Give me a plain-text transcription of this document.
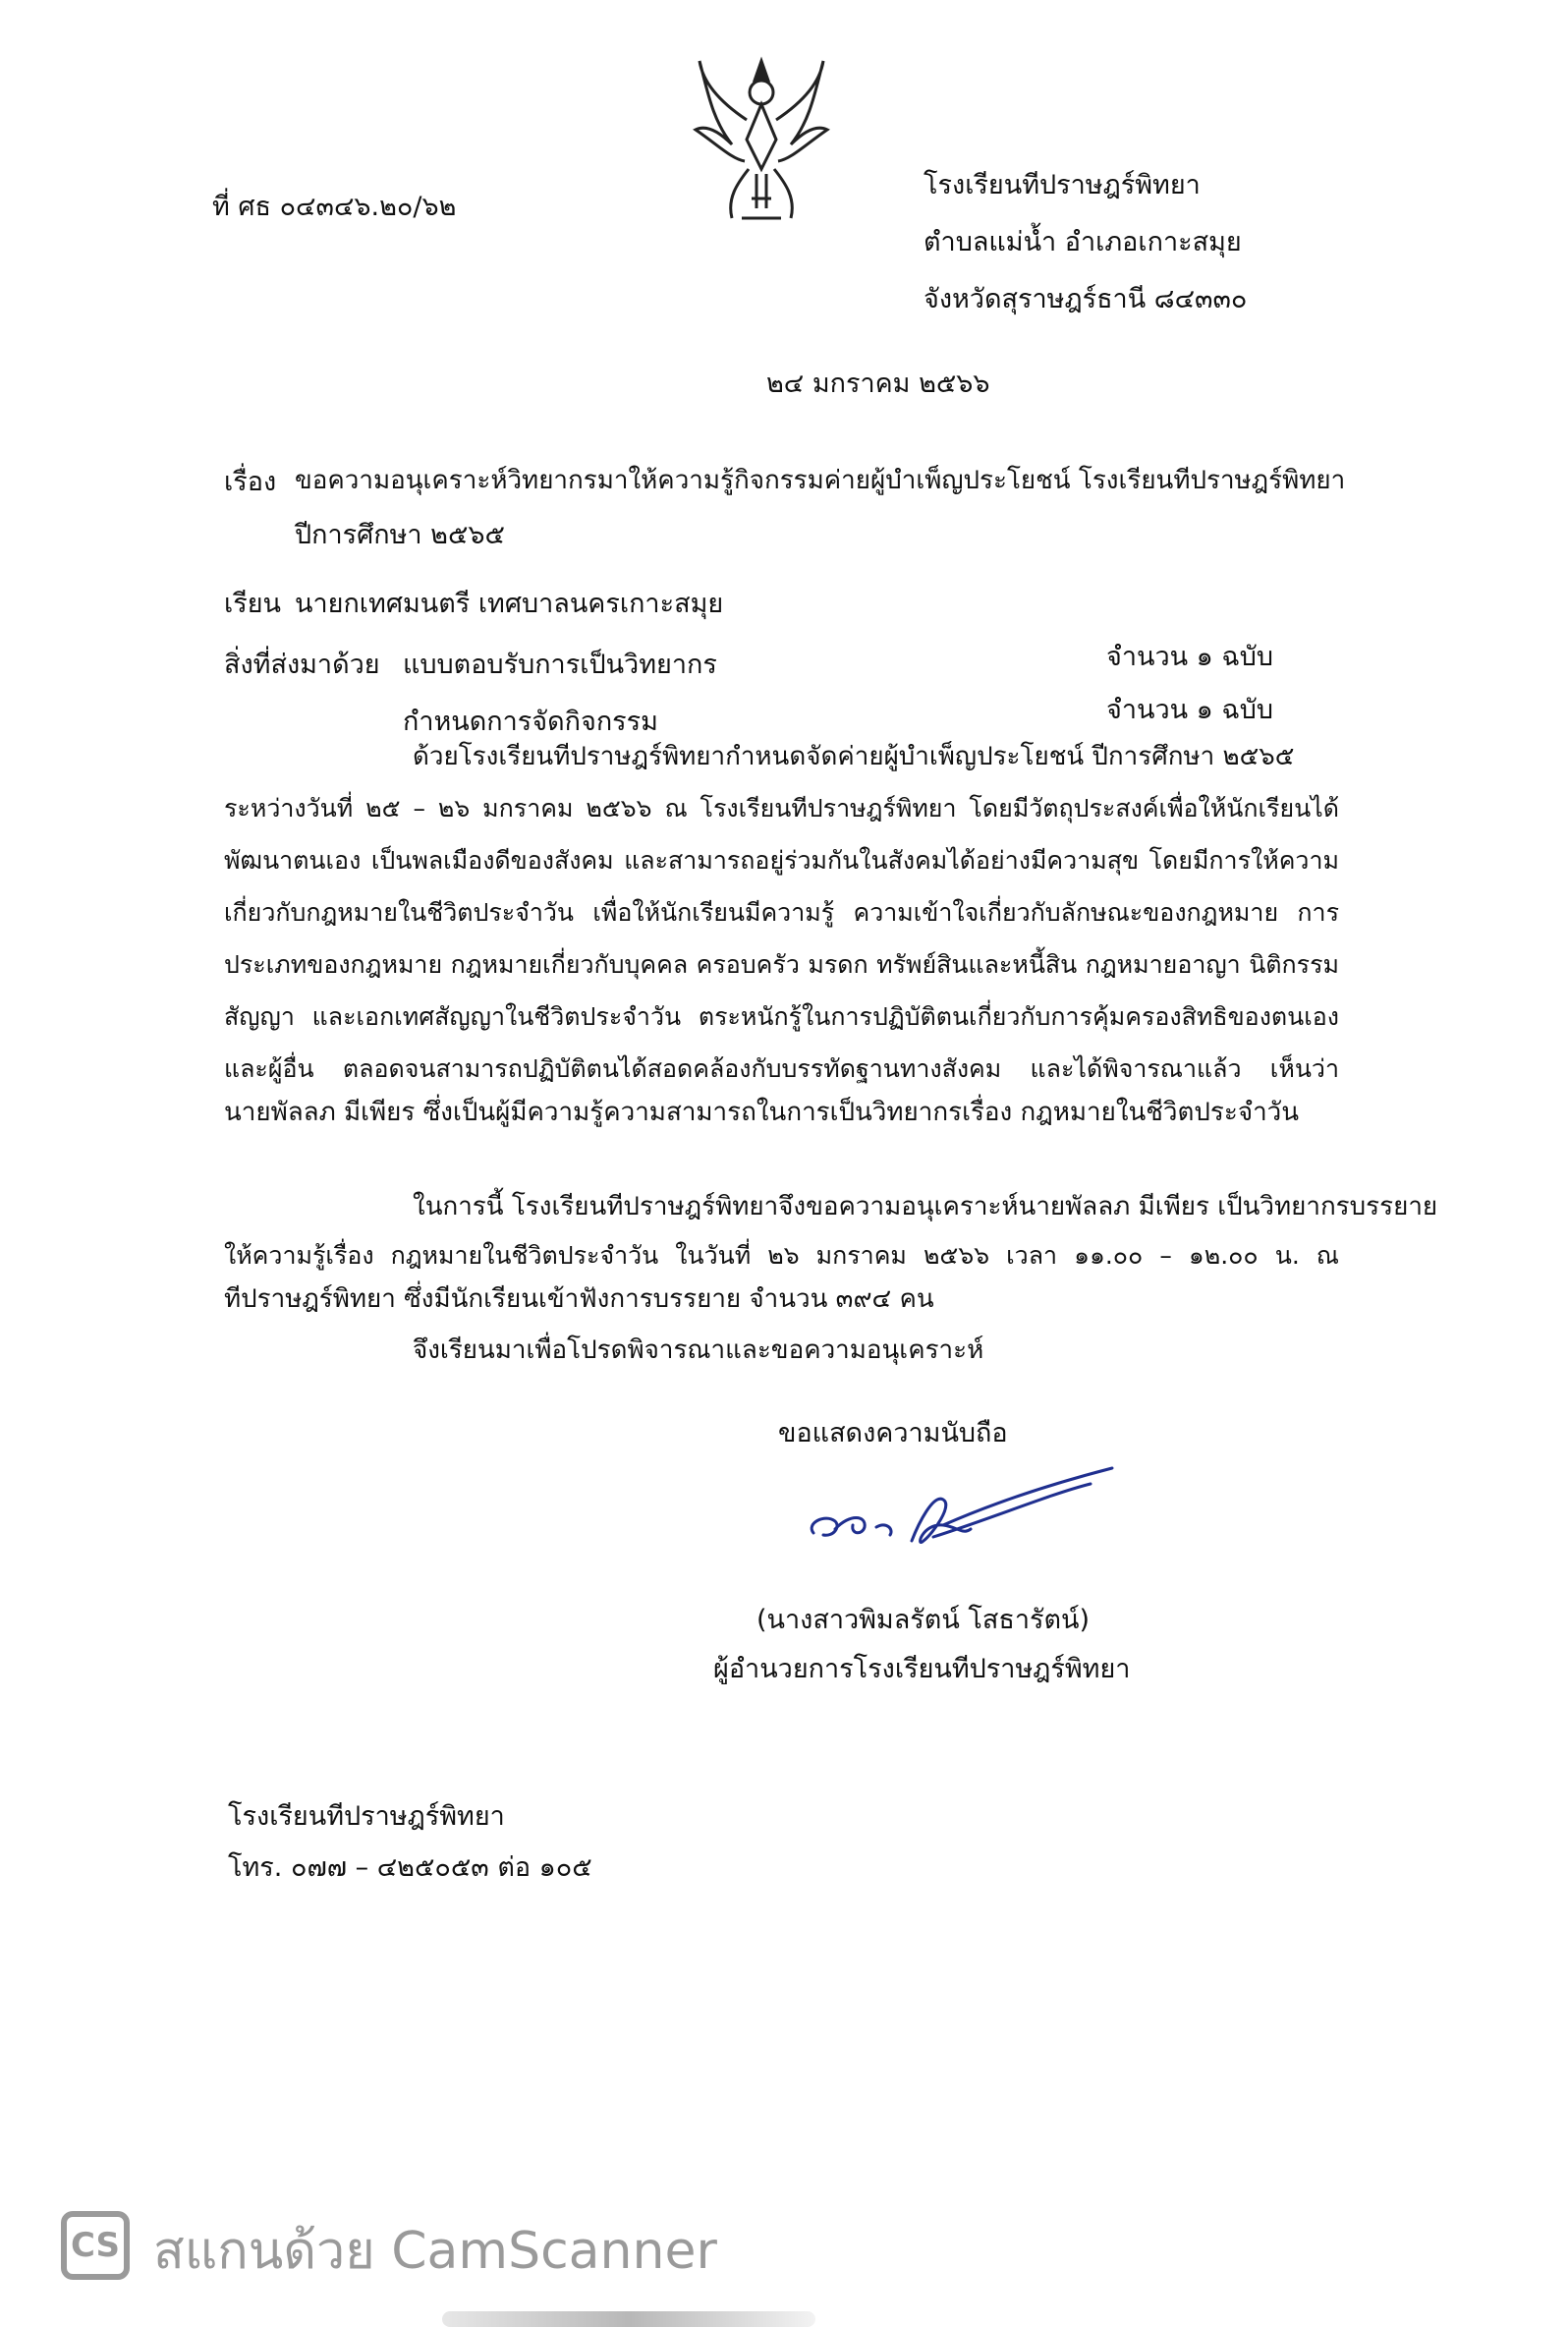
ที่ ศธ ๐๔๓๔๖.๒๐/๖๒
โรงเรียนทีปราษฎร์พิทยา
ตำบลแม่น้ำ อำเภอเกาะสมุย
จังหวัดสุราษฎร์ธานี ๘๔๓๓๐
๒๔ มกราคม ๒๕๖๖
เรื่อง ขอความอนุเคราะห์วิทยากรมาให้ความรู้กิจกรรมค่ายผู้บำเพ็ญประโยชน์ โรงเรียนทีปราษฎร์พิทยา
ปีการศึกษา ๒๕๖๕
เรียน นายกเทศมนตรี เทศบาลนครเกาะสมุย
สิ่งที่ส่งมาด้วย แบบตอบรับการเป็นวิทยากร	จำนวน ๑ ฉบับ
กำหนดการจัดกิจกรรม	จำนวน ๑ ฉบับ
ด้วยโรงเรียนทีปราษฎร์พิทยากำหนดจัดค่ายผู้บำเพ็ญประโยชน์ ปีการศึกษา ๒๕๖๕
ระหว่างวันที่ ๒๕ – ๒๖ มกราคม ๒๕๖๖ ณ โรงเรียนทีปราษฎร์พิทยา โดยมีวัตถุประสงค์เพื่อให้นักเรียนได้
พัฒนาตนเอง เป็นพลเมืองดีของสังคม และสามารถอยู่ร่วมกันในสังคมได้อย่างมีความสุข โดยมีการให้ความ
เกี่ยวกับกฎหมายในชีวิตประจำวัน เพื่อให้นักเรียนมีความรู้ ความเข้าใจเกี่ยวกับลักษณะของกฎหมาย การ
ประเภทของกฎหมาย กฎหมายเกี่ยวกับบุคคล ครอบครัว มรดก ทรัพย์สินและหนี้สิน กฎหมายอาญา นิติกรรม
สัญญา และเอกเทศสัญญาในชีวิตประจำวัน ตระหนักรู้ในการปฏิบัติตนเกี่ยวกับการคุ้มครองสิทธิของตนเอง
และผู้อื่น ตลอดจนสามารถปฏิบัติตนได้สอดคล้องกับบรรทัดฐานทางสังคม และได้พิจารณาแล้ว เห็นว่า
นายพัลลภ มีเพียร ซึ่งเป็นผู้มีความรู้ความสามารถในการเป็นวิทยากรเรื่อง กฎหมายในชีวิตประจำวัน
ในการนี้ โรงเรียนทีปราษฎร์พิทยาจึงขอความอนุเคราะห์นายพัลลภ มีเพียร เป็นวิทยากรบรรยาย
ให้ความรู้เรื่อง กฎหมายในชีวิตประจำวัน ในวันที่ ๒๖ มกราคม ๒๕๖๖ เวลา ๑๑.๐๐ – ๑๒.๐๐ น. ณ
ทีปราษฎร์พิทยา ซึ่งมีนักเรียนเข้าฟังการบรรยาย จำนวน ๓๙๔ คน
จึงเรียนมาเพื่อโปรดพิจารณาและขอความอนุเคราะห์
ขอแสดงความนับถือ
(นางสาวพิมลรัตน์ โสธารัตน์)
ผู้อำนวยการโรงเรียนทีปราษฎร์พิทยา
โรงเรียนทีปราษฎร์พิทยา
โทร. ๐๗๗ – ๔๒๕๐๕๓ ต่อ ๑๐๕
CS สแกนด้วย CamScanner
